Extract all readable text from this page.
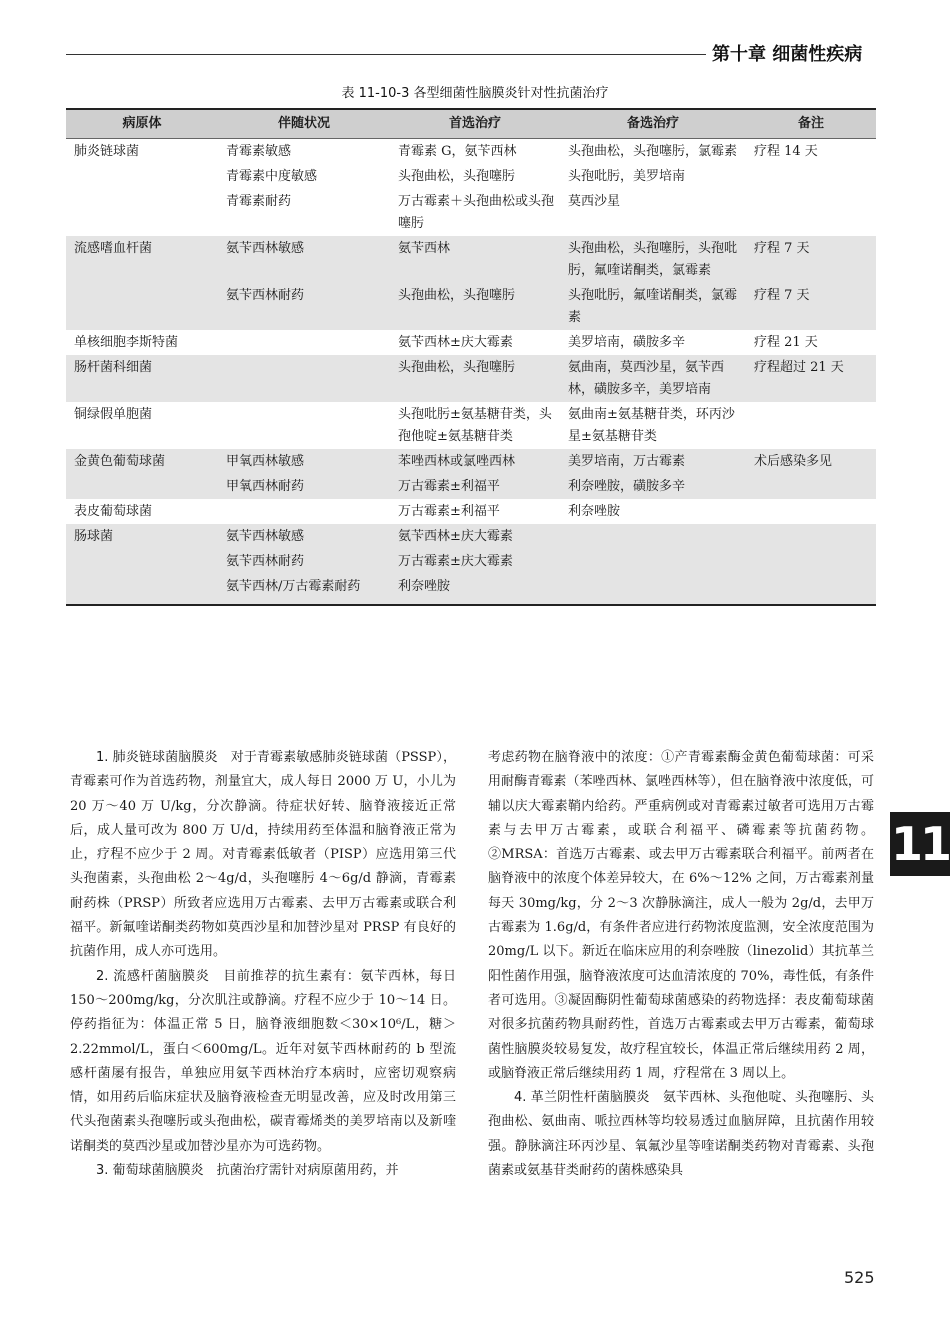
第十章 细菌性疾病
表 11-10-3 各型细菌性脑膜炎针对性抗菌治疗
病原体	伴随状况	首选治疗	备选治疗	备注
肺炎链球菌	青霉素敏感	青霉素 G，氨苄西林	头孢曲松，头孢噻肟，氯霉素	疗程 14 天
	青霉素中度敏感	头孢曲松，头孢噻肟	头孢吡肟，美罗培南	
	青霉素耐药	万古霉素＋头孢曲松或头孢噻肟	莫西沙星	
流感嗜血杆菌	氨苄西林敏感	氨苄西林	头孢曲松，头孢噻肟，头孢吡肟，氟喹诺酮类，氯霉素	疗程 7 天
	氨苄西林耐药	头孢曲松，头孢噻肟	头孢吡肟，氟喹诺酮类，氯霉素	疗程 7 天
单核细胞李斯特菌		氨苄西林±庆大霉素	美罗培南，磺胺多辛	疗程 21 天
肠杆菌科细菌		头孢曲松，头孢噻肟	氨曲南，莫西沙星，氨苄西林，磺胺多辛，美罗培南	疗程超过 21 天
铜绿假单胞菌		头孢吡肟±氨基糖苷类，头孢他啶±氨基糖苷类	氨曲南±氨基糖苷类，环丙沙星±氨基糖苷类	
金黄色葡萄球菌	甲氧西林敏感	苯唑西林或氯唑西林	美罗培南，万古霉素	术后感染多见
	甲氧西林耐药	万古霉素±利福平	利奈唑胺，磺胺多辛	
表皮葡萄球菌		万古霉素±利福平	利奈唑胺	
肠球菌	氨苄西林敏感	氨苄西林±庆大霉素		
	氨苄西林耐药	万古霉素±庆大霉素		
	氨苄西林/万古霉素耐药	利奈唑胺		

1. 肺炎链球菌脑膜炎　 对于青霉素敏感肺炎链球菌（PSSP），青霉素可作为首选药物，剂量宜大，成人每日 2000 万 U，小儿为 20 万～40 万 U/kg，分次静滴。待症状好转、脑脊液接近正常后，成人量可改为 800 万 U/d，持续用药至体温和脑脊液正常为止，疗程不应少于 2 周。对青霉素低敏者（PISP）应选用第三代头孢菌素，头孢曲松 2～4g/d，头孢噻肟 4～6g/d 静滴，青霉素耐药株（PRSP）所致者应选用万古霉素、去甲万古霉素或联合利福平。新氟喹诺酮类药物如莫西沙星和加替沙星对 PRSP 有良好的抗菌作用，成人亦可选用。

2. 流感杆菌脑膜炎　 目前推荐的抗生素有：氨苄西林，每日 150～200mg/kg，分次肌注或静滴。疗程不应少于 10～14 日。停药指征为：体温正常 5 日，脑脊液细胞数＜30×10⁶/L，糖＞2.22mmol/L，蛋白＜600mg/L。近年对氨苄西林耐药的 b 型流感杆菌屡有报告，单独应用氨苄西林治疗本病时，应密切观察病情，如用药后临床症状及脑脊液检查无明显改善，应及时改用第三代头孢菌素头孢噻肟或头孢曲松，碳青霉烯类的美罗培南以及新喹诺酮类的莫西沙星或加替沙星亦为可选药物。

3. 葡萄球菌脑膜炎　 抗菌治疗需针对病原菌用药，并

考虑药物在脑脊液中的浓度：①产青霉素酶金黄色葡萄球菌：可采用耐酶青霉素（苯唑西林、氯唑西林等），但在脑脊液中浓度低，可辅以庆大霉素鞘内给药。严重病例或对青霉素过敏者可选用万古霉素与去甲万古霉素，或联合利福平、磷霉素等抗菌药物。②MRSA：首选万古霉素、或去甲万古霉素联合利福平。前两者在脑脊液中的浓度个体差异较大，在 6%～12% 之间，万古霉素剂量每天 30mg/kg，分 2～3 次静脉滴注，成人一般为 2g/d，去甲万古霉素为 1.6g/d，有条件者应进行药物浓度监测，安全浓度范围为 20mg/L 以下。新近在临床应用的利奈唑胺（linezolid）其抗革兰阳性菌作用强，脑脊液浓度可达血清浓度的 70%，毒性低，有条件者可选用。③凝固酶阴性葡萄球菌感染的药物选择：表皮葡萄球菌对很多抗菌药物具耐药性，首选万古霉素或去甲万古霉素，葡萄球菌性脑膜炎较易复发，故疗程宜较长，体温正常后继续用药 2 周，或脑脊液正常后继续用药 1 周，疗程常在 3 周以上。

4. 革兰阴性杆菌脑膜炎　 氨苄西林、头孢他啶、头孢噻肟、头孢曲松、氨曲南、哌拉西林等均较易透过血脑屏障，且抗菌作用较强。静脉滴注环丙沙星、氧氟沙星等喹诺酮类药物对青霉素、头孢菌素或氨基苷类耐药的菌株感染具

11
525
